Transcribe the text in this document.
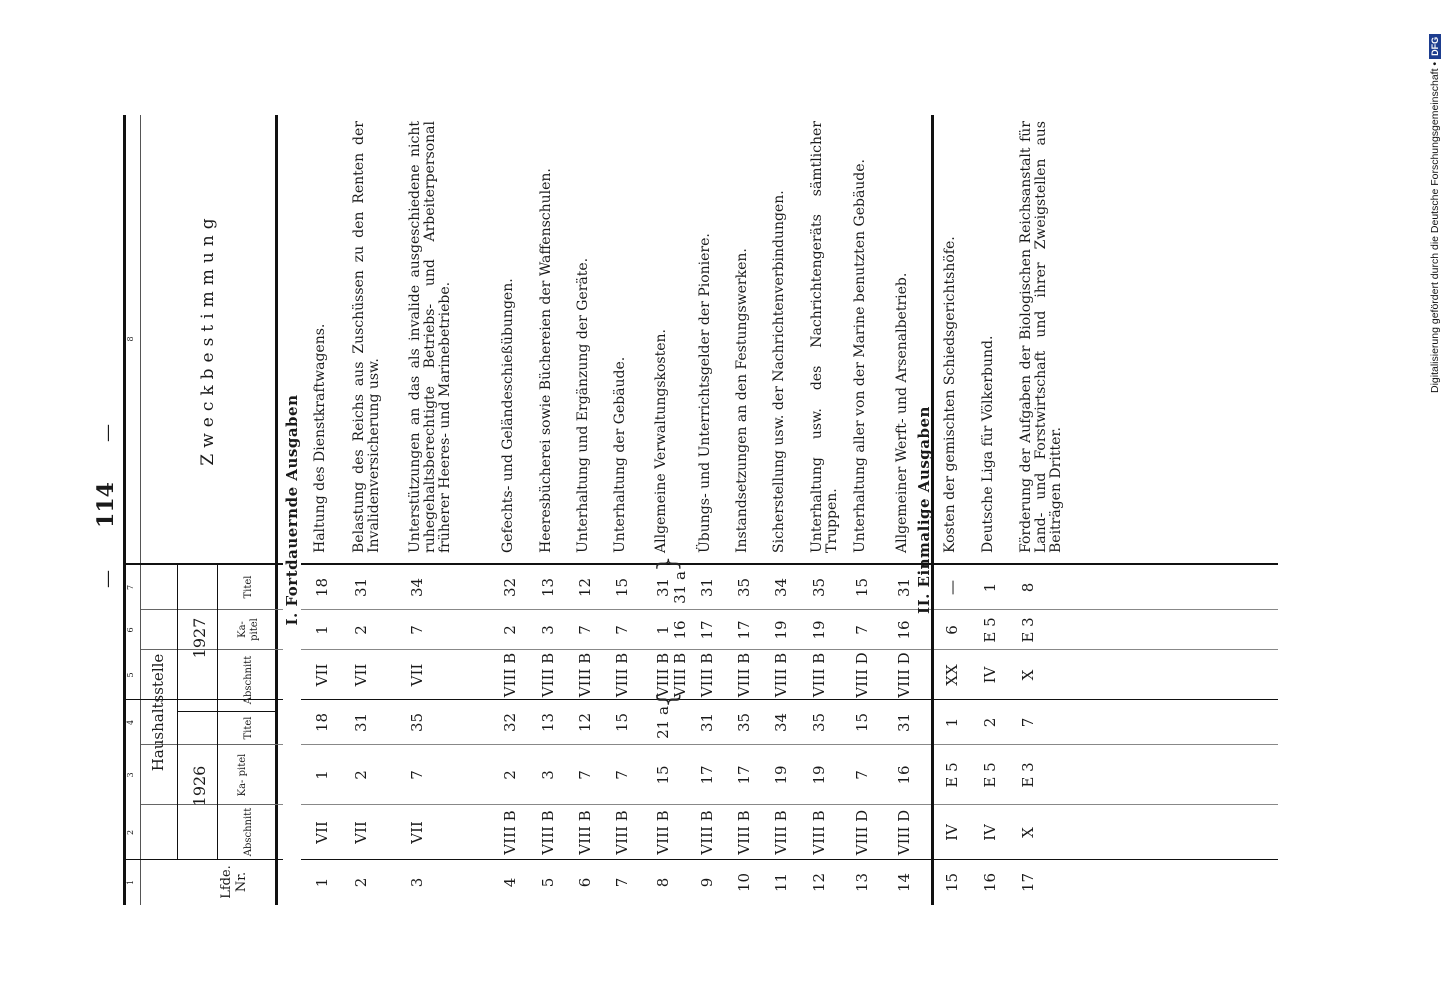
—114—
1
2
3
4
5
6
7
8
Lfde. Nr.
Haushaltsstelle
1926
1927
Abschnitt
Ka- pitel
Titel
Abschnitt
Ka- pitel
Titel
Zweckbestimmung
I. Fortdauernde Ausgaben
1
VII
1
18
VII
1
18
Haltung des Dienstkraftwagens.
2
VII
2
31
VII
2
31
Belastung des Reichs aus Zuschüssen zu den Renten der Invalidenversicherung usw.
3
VII
7
35
VII
7
34
Unterstützungen an das als invalide ausgeschiedene nicht ruhegehaltsberechtigte Betriebs- und Arbeiterpersonal früherer Heeres- und Marinebetriebe.
4
VIII B
2
32
VIII B
2
32
Gefechts- und Geländeschießübungen.
5
VIII B
3
13
VIII B
3
13
Heeresbücherei sowie Büchereien der Waffenschulen.
6
VIII B
7
12
VIII B
7
12
Unterhaltung und Ergänzung der Geräte.
7
VIII B
7
15
VIII B
7
15
Unterhaltung der Gebäude.
8
VIII B
15
21 a
VIII B VIII B
1 16
31 31 a
Allgemeine Verwaltungskosten.
{
}
9
VIII B
17
31
VIII B
17
31
Übungs- und Unterrichtsgelder der Pioniere.
10
VIII B
17
35
VIII B
17
35
Instandsetzungen an den Festungswerken.
11
VIII B
19
34
VIII B
19
34
Sicherstellung usw. der Nachrichtenverbindungen.
12
VIII B
19
35
VIII B
19
35
Unterhaltung usw. des Nachrichtengeräts sämtlicher Truppen.
13
VIII D
7
15
VIII D
7
15
Unterhaltung aller von der Marine benutzten Gebäude.
14
VIII D
16
31
VIII D
16
31
Allgemeiner Werft- und Arsenalbetrieb. II. Einmalige Ausgaben
15
IV
E 5
1
XX
6
—
Kosten der gemischten Schiedsgerichtshöfe.
16
IV
E 5
2
IV
E 5
1
Deutsche Liga für Völkerbund.
17
X
E 3
7
X
E 3
8
Förderung der Aufgaben der Biologischen Reichsanstalt für Land- und Forstwirtschaft und ihrer Zweigstellen aus Beiträgen Dritter.
Digitalisierung gefördert durch die Deutsche Forschungsgemeinschaft •DFG
